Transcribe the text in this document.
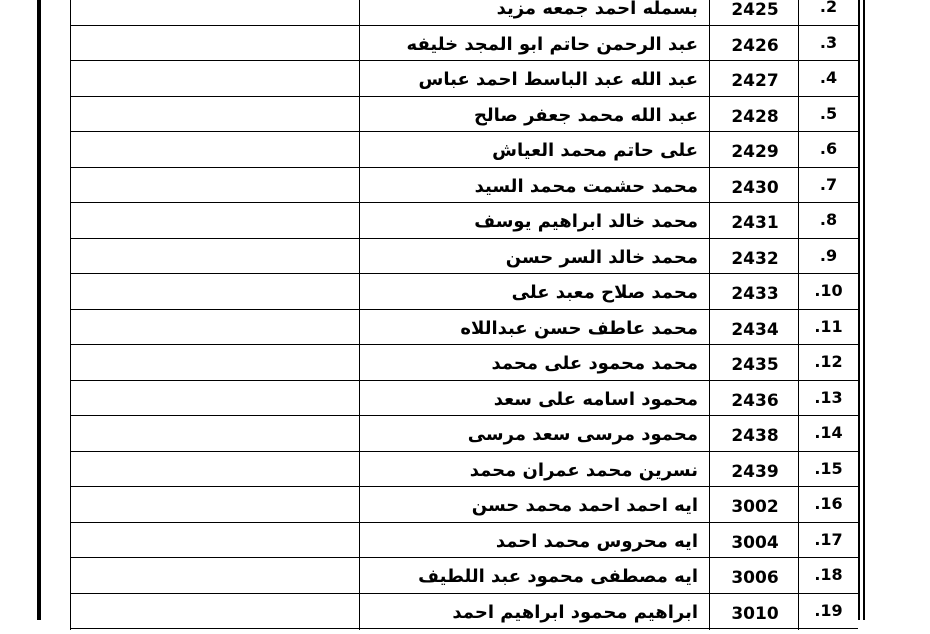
بسمله احمد جمعه مزيد	2425	.2
عبد الرحمن حاتم ابو المجد خليفه	2426	.3
عبد الله عبد الباسط احمد عباس	2427	.4
عبد الله محمد جعفر صالح	2428	.5
على حاتم محمد العياش	2429	.6
محمد حشمت محمد السيد	2430	.7
محمد خالد ابراهيم يوسف	2431	.8
محمد خالد السر حسن	2432	.9
محمد صلاح معبد على	2433	.10
محمد عاطف حسن عبداللاه	2434	.11
محمد محمود على محمد	2435	.12
محمود اسامه على سعد	2436	.13
محمود مرسى سعد مرسى	2438	.14
نسرين محمد عمران محمد	2439	.15
ايه احمد احمد محمد حسن	3002	.16
ايه محروس محمد احمد	3004	.17
ايه مصطفى محمود عبد اللطيف	3006	.18
ابراهيم محمود ابراهيم احمد	3010	.19
